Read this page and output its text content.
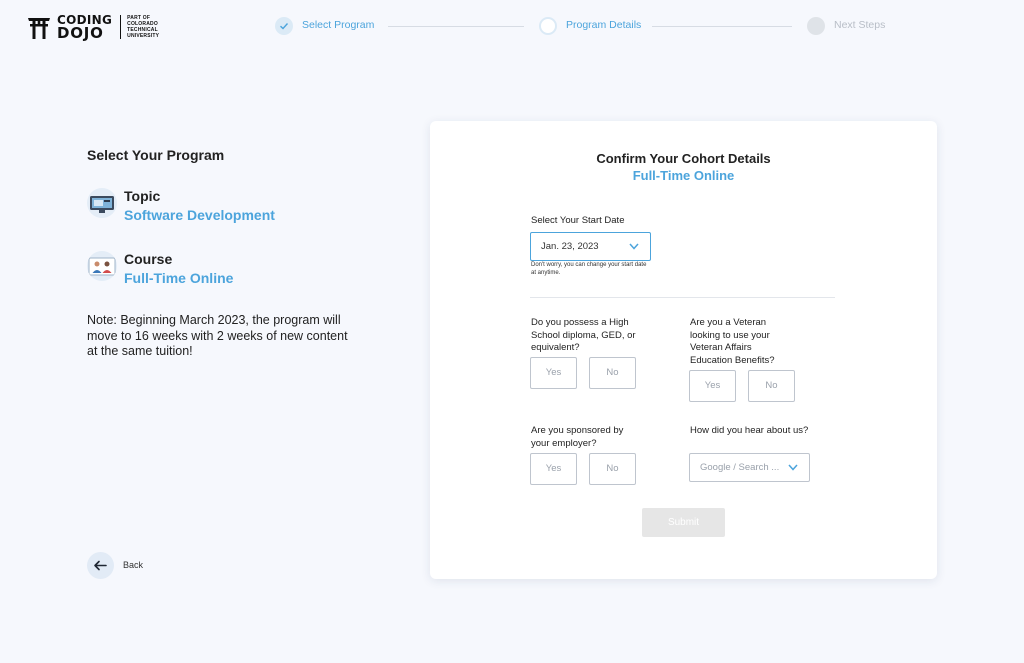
CODING
DOJO
PART OF
COLORADO
TECHNICAL
UNIVERSITY
Select Program	Program Details	Next Steps
Select Your Program
Topic
Software Development
Course
Full-Time Online
Note: Beginning March 2023, the program will move to 16 weeks with 2 weeks of new content at the same tuition!
Back
Confirm Your Cohort Details
Full-Time Online
Select Your Start Date
Jan. 23, 2023
Don't worry, you can change your start date at anytime.
Do you possess a High School diploma, GED, or equivalent?
Yes	No
Are you a Veteran looking to use your Veteran Affairs Education Benefits?
Yes	No
Are you sponsored by your employer?
Yes	No
How did you hear about us?
Google / Search ...
Submit
